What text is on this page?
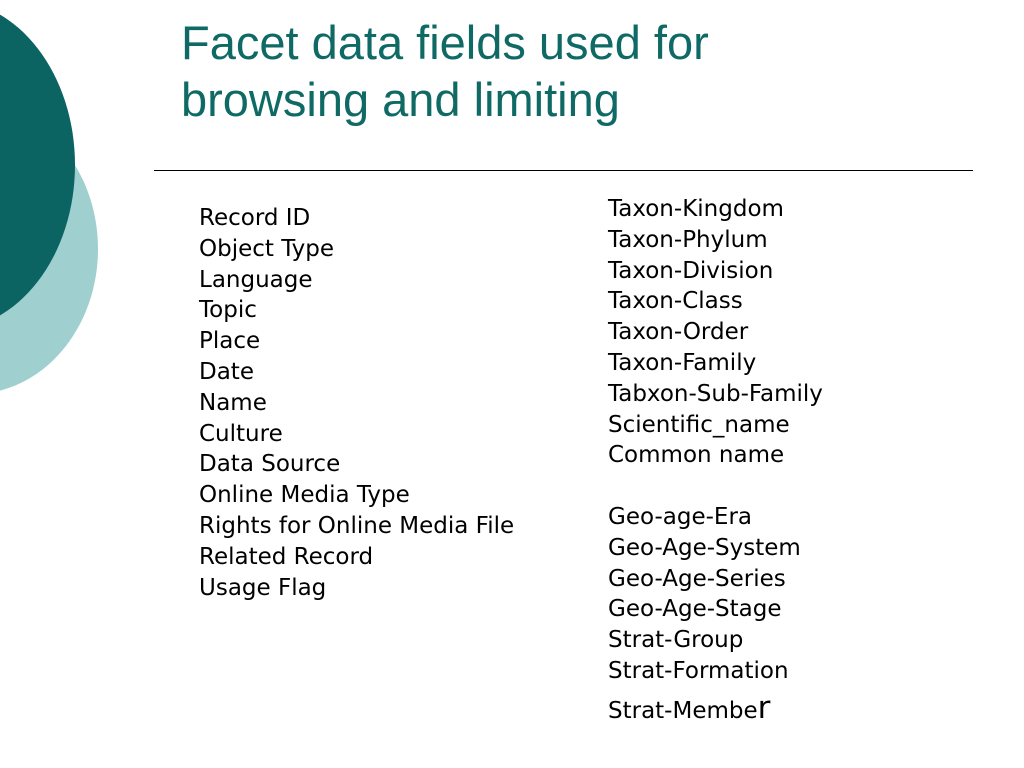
Facet data fields used for
browsing and limiting
Record ID
Object Type
Language
Topic
Place
Date
Name
Culture
Data Source
Online Media Type
Rights for Online Media File
Related Record
Usage Flag
Taxon-Kingdom
Taxon-Phylum
Taxon-Division
Taxon-Class
Taxon-Order
Taxon-Family
Tabxon-Sub-Family
Scientific_name
Common name
Geo-age-Era
Geo-Age-System
Geo-Age-Series
Geo-Age-Stage
Strat-Group
Strat-Formation
Strat-Member
